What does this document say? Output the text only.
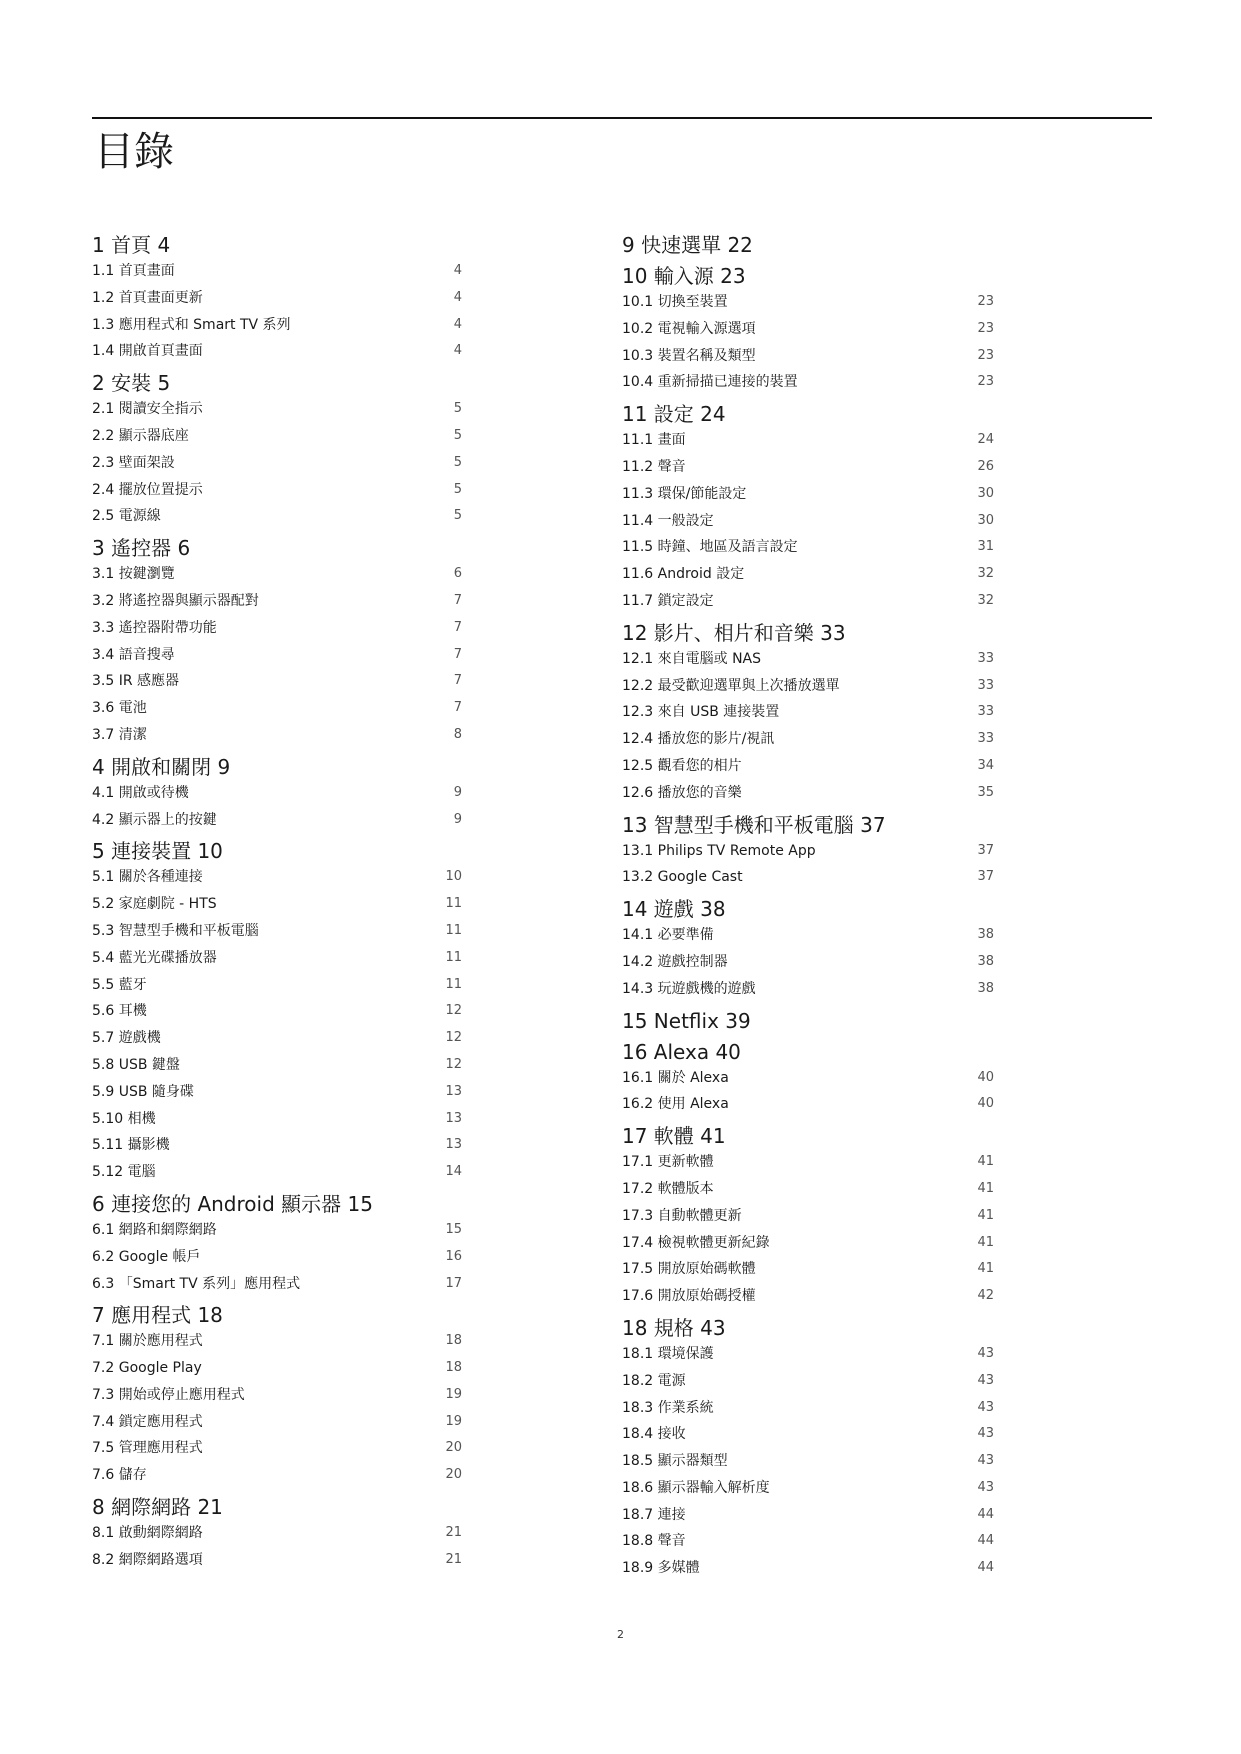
目錄
1 首頁 4
1.1 首頁畫面	4
1.2 首頁畫面更新	4
1.3 應用程式和 Smart TV 系列	4
1.4 開啟首頁畫面	4
2 安裝 5
2.1 閱讀安全指示	5
2.2 顯示器底座	5
2.3 壁面架設	5
2.4 擺放位置提示	5
2.5 電源線	5
3 遙控器 6
3.1 按鍵瀏覽	6
3.2 將遙控器與顯示器配對	7
3.3 遙控器附帶功能	7
3.4 語音搜尋	7
3.5 IR 感應器	7
3.6 電池	7
3.7 清潔	8
4 開啟和關閉 9
4.1 開啟或待機	9
4.2 顯示器上的按鍵	9
5 連接裝置 10
5.1 關於各種連接	10
5.2 家庭劇院 - HTS	11
5.3 智慧型手機和平板電腦	11
5.4 藍光光碟播放器	11
5.5 藍牙	11
5.6 耳機	12
5.7 遊戲機	12
5.8 USB 鍵盤	12
5.9 USB 隨身碟	13
5.10 相機	13
5.11 攝影機	13
5.12 電腦	14
6 連接您的 Android 顯示器 15
6.1 網路和網際網路	15
6.2 Google 帳戶	16
6.3 「Smart TV 系列」應用程式	17
7 應用程式 18
7.1 關於應用程式	18
7.2 Google Play	18
7.3 開始或停止應用程式	19
7.4 鎖定應用程式	19
7.5 管理應用程式	20
7.6 儲存	20
8 網際網路 21
8.1 啟動網際網路	21
8.2 網際網路選項	21
9 快速選單 22
10 輸入源 23
10.1 切換至裝置	23
10.2 電視輸入源選項	23
10.3 裝置名稱及類型	23
10.4 重新掃描已連接的裝置	23
11 設定 24
11.1 畫面	24
11.2 聲音	26
11.3 環保/節能設定	30
11.4 一般設定	30
11.5 時鐘、地區及語言設定	31
11.6 Android 設定	32
11.7 鎖定設定	32
12 影片、相片和音樂 33
12.1 來自電腦或 NAS	33
12.2 最受歡迎選單與上次播放選單	33
12.3 來自 USB 連接裝置	33
12.4 播放您的影片/視訊	33
12.5 觀看您的相片	34
12.6 播放您的音樂	35
13 智慧型手機和平板電腦 37
13.1 Philips TV Remote App	37
13.2 Google Cast	37
14 遊戲 38
14.1 必要準備	38
14.2 遊戲控制器	38
14.3 玩遊戲機的遊戲	38
15 Netflix 39
16 Alexa 40
16.1 關於 Alexa	40
16.2 使用 Alexa	40
17 軟體 41
17.1 更新軟體	41
17.2 軟體版本	41
17.3 自動軟體更新	41
17.4 檢視軟體更新紀錄	41
17.5 開放原始碼軟體	41
17.6 開放原始碼授權	42
18 規格 43
18.1 環境保護	43
18.2 電源	43
18.3 作業系統	43
18.4 接收	43
18.5 顯示器類型	43
18.6 顯示器輸入解析度	43
18.7 連接	44
18.8 聲音	44
18.9 多媒體	44
2
